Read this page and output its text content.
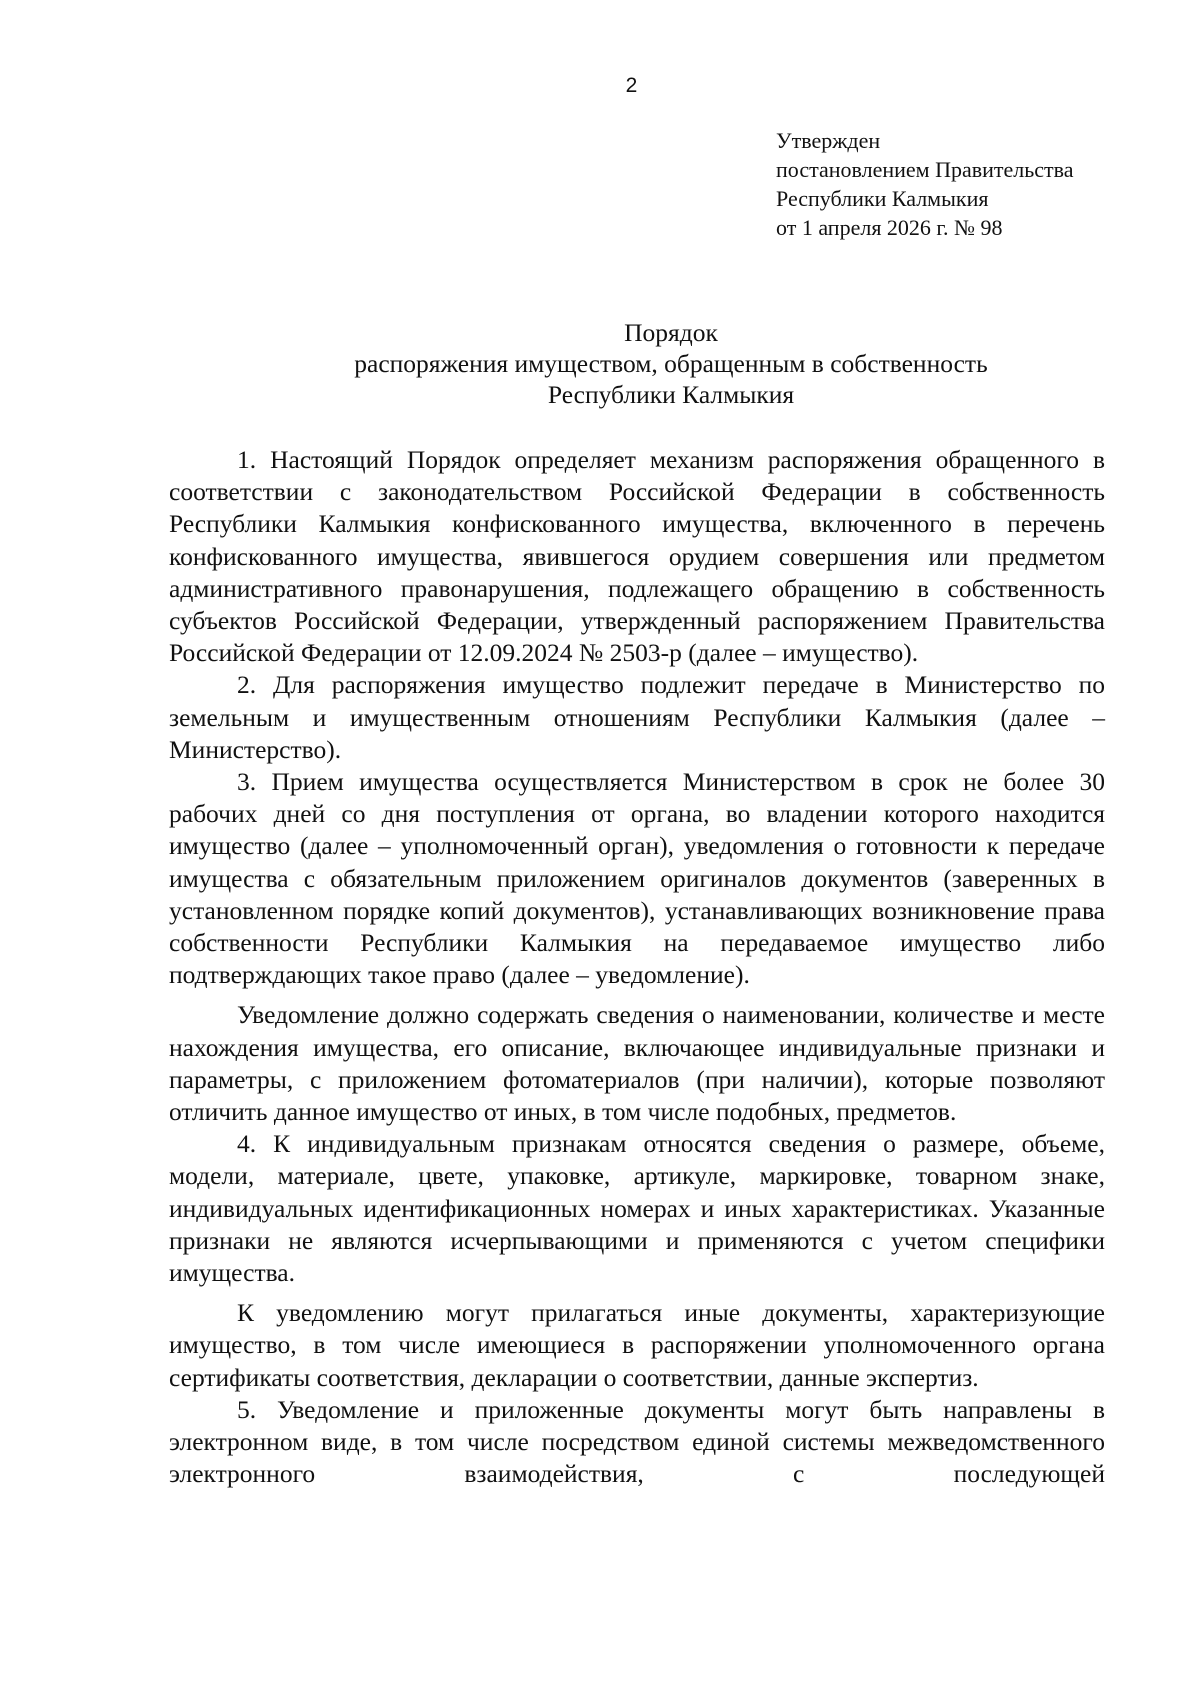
2
Утвержден
постановлением Правительства
Республики Калмыкия
от 1 апреля 2026 г. № 98
Порядок
распоряжения имуществом, обращенным в собственность
Республики Калмыкия

1. Настоящий Порядок определяет механизм распоряжения обращенного в соответствии с законодательством Российской Федерации в собственность Республики Калмыкия конфискованного имущества, включенного в перечень конфискованного имущества, явившегося орудием совершения или предметом административного правонарушения, подлежащего обращению в собственность субъектов Российской Федерации, утвержденный распоряжением Правительства Российской Федерации от 12.09.2024 № 2503-р (далее – имущество).

2. Для распоряжения имущество подлежит передаче в Министерство по земельным и имущественным отношениям Республики Калмыкия (далее – Министерство).

3. Прием имущества осуществляется Министерством в срок не более 30 рабочих дней со дня поступления от органа, во владении которого находится имущество (далее – уполномоченный орган), уведомления о готовности к передаче имущества с обязательным приложением оригиналов документов (заверенных в установленном порядке копий документов), устанавливающих возникновение права собственности Республики Калмыкия на передаваемое имущество либо подтверждающих такое право (далее – уведомление).

Уведомление должно содержать сведения о наименовании, количестве и месте нахождения имущества, его описание, включающее индивидуальные признаки и параметры, с приложением фотоматериалов (при наличии), которые позволяют отличить данное имущество от иных, в том числе подобных, предметов.

4. К индивидуальным признакам относятся сведения о размере, объеме, модели, материале, цвете, упаковке, артикуле, маркировке, товарном знаке, индивидуальных идентификационных номерах и иных характеристиках. Указанные признаки не являются исчерпывающими и применяются с учетом специфики имущества.

К уведомлению могут прилагаться иные документы, характеризующие имущество, в том числе имеющиеся в распоряжении уполномоченного органа сертификаты соответствия, декларации о соответствии, данные экспертиз.

5. Уведомление и приложенные документы могут быть направлены в электронном виде, в том числе посредством единой системы межведомственного электронного взаимодействия, с последующей
